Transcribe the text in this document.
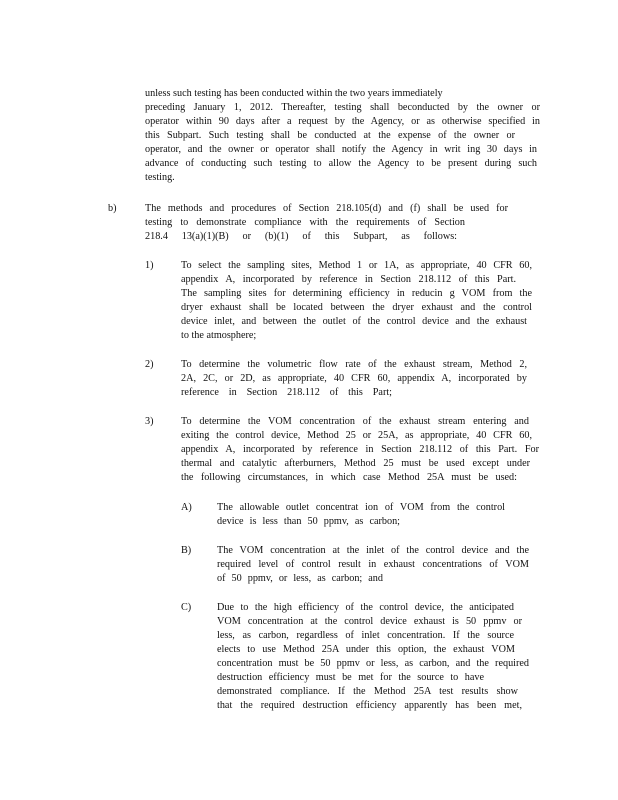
unless such testing has been conducted within the two years immediately
preceding January 1, 2012. Thereafter, testing shall beconducted by the owner or
operator within 90 days after a request by the Agency, or as otherwise specified in
this Subpart. Such testing shall be conducted at the expense of the owner or
operator, and the owner or operator shall notify the Agency in writ ing 30 days in
advance of conducting such testing to allow the Agency to be present during such
testing.
b)	The methods and procedures of Section 218.105(d) and (f) shall be used for
testing to demonstrate compliance with the requirements of Section
218.4 13(a)(1)(B) or (b)(1) of this Subpart, as follows:
1)	To select the sampling sites, Method 1 or 1A, as appropriate, 40 CFR 60,
appendix A, incorporated by reference in Section 218.112 of this Part.
The sampling sites for determining efficiency in reducin g VOM from the
dryer exhaust shall be located between the dryer exhaust and the control
device inlet, and between the outlet of the control device and the exhaust
to the atmosphere;
2)	To determine the volumetric flow rate of the exhaust stream, Method 2,
2A, 2C, or 2D, as appropriate, 40 CFR 60, appendix A, incorporated by
reference in Section 218.112 of this Part;
3)	To determine the VOM concentration of the exhaust stream entering and
exiting the control device, Method 25 or 25A, as appropriate, 40 CFR 60,
appendix A, incorporated by reference in Section 218.112 of this Part. For
thermal and catalytic afterburners, Method 25 must be used except under
the following circumstances, in which case Method 25A must be used:
A) The allowable outlet concentrat ion of VOM from the control
device is less than 50 ppmv, as carbon;
B)	The VOM concentration at the inlet of the control device and the
required level of control result in exhaust concentrations of VOM
of 50 ppmv, or less, as carbon; and
C)	Due to the high efficiency of the control device, the anticipated
VOM concentration at the control device exhaust is 50 ppmv or
less, as carbon, regardless of inlet concentration. If the source
elects to use Method 25A under this option, the exhaust VOM
concentration must be 50 ppmv or less, as carbon, and the required
destruction efficiency must be met for the source to have
demonstrated compliance. If the Method 25A test results show
that the required destruction efficiency apparently has been met,
